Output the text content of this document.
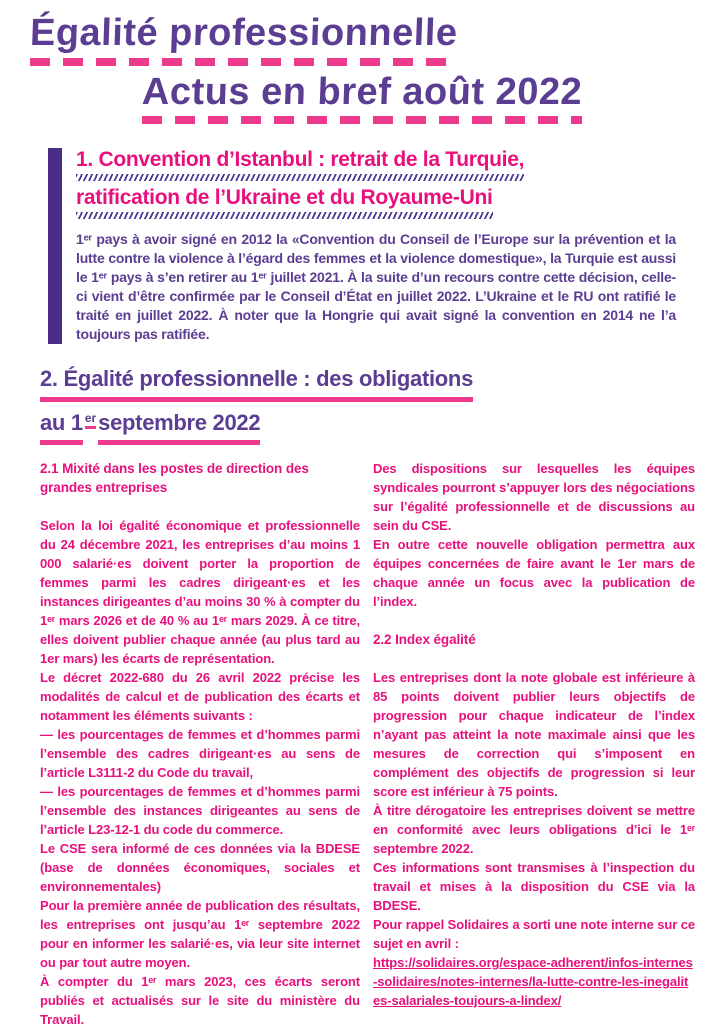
Égalité professionnelle
Actus en bref août 2022
1. Convention d’Istanbul : retrait de la Turquie,
ratification de l’Ukraine et du Royaume-Uni

1ᵉʳ pays à avoir signé en 2012 la «Convention du Conseil de l’Europe sur la prévention et la lutte contre la violence à l’égard des femmes et la violence domestique», la Turquie est aussi le 1ᵉʳ pays à s’en retirer au 1ᵉʳ juillet 2021. À la suite d’un recours contre cette décision, celle-ci vient d’être confirmée par le Conseil d’État en juillet 2022. L’Ukraine et le RU ont ratifié le traité en juillet 2022. À noter que la Hongrie qui avait signé la convention en 2014 ne l’a toujours pas ratifiée.

2. Égalité professionnelle : des obligations
au 1 erseptembre 2022
2.1 Mixité dans les postes de direction des grandes entreprises

Selon la loi égalité économique et professionnelle du 24 décembre 2021, les entreprises d’au moins 1 000 salarié·es doivent porter la proportion de femmes parmi les cadres dirigeant·es et les instances dirigeantes d’au moins 30 % à compter du 1ᵉʳ mars 2026 et de 40 % au 1ᵉʳ mars 2029. À ce titre, elles doivent publier chaque année (au plus tard au 1er mars) les écarts de représentation.

Le décret 2022-680 du 26 avril 2022 précise les modalités de calcul et de publication des écarts et notamment les éléments suivants :

— les pourcentages de femmes et d’hommes parmi l’ensemble des cadres dirigeant·es au sens de l’article L3111-2 du Code du travail,

— les pourcentages de femmes et d’hommes parmi l’ensemble des instances dirigeantes au sens de l’article L23-12-1 du code du commerce.

Le CSE sera informé de ces données via la BDESE (base de données économiques, sociales et environnementales)

Pour la première année de publication des résultats, les entreprises ont jusqu’au 1ᵉʳ septembre 2022 pour en informer les salarié·es, via leur site internet ou par tout autre moyen.

À compter du 1ᵉʳ mars 2023, ces écarts seront publiés et actualisés sur le site du ministère du Travail.

Des dispositions sur lesquelles les équipes syndicales pourront s’appuyer lors des négociations sur l’égalité professionnelle et de discussions au sein du CSE.

En outre cette nouvelle obligation permettra aux équipes concernées de faire avant le 1er mars de chaque année un focus avec la publication de l’index.

2.2 Index égalité

Les entreprises dont la note globale est inférieure à 85 points doivent publier leurs objectifs de progression pour chaque indicateur de l’index n’ayant pas atteint la note maximale ainsi que les mesures de correction qui s’imposent en complément des objectifs de progression si leur score est inférieur à 75 points.

À titre dérogatoire les entreprises doivent se mettre en conformité avec leurs obligations d’ici le 1ᵉʳ septembre 2022.

Ces informations sont transmises à l’inspection du travail et mises à la disposition du CSE via la BDESE.

Pour rappel Solidaires a sorti une note interne sur ce sujet en avril :

https://solidaires.org/espace-adherent/infos-internes-solidaires/notes-internes/la-lutte-contre-les-inegalites-salariales-toujours-a-lindex/
